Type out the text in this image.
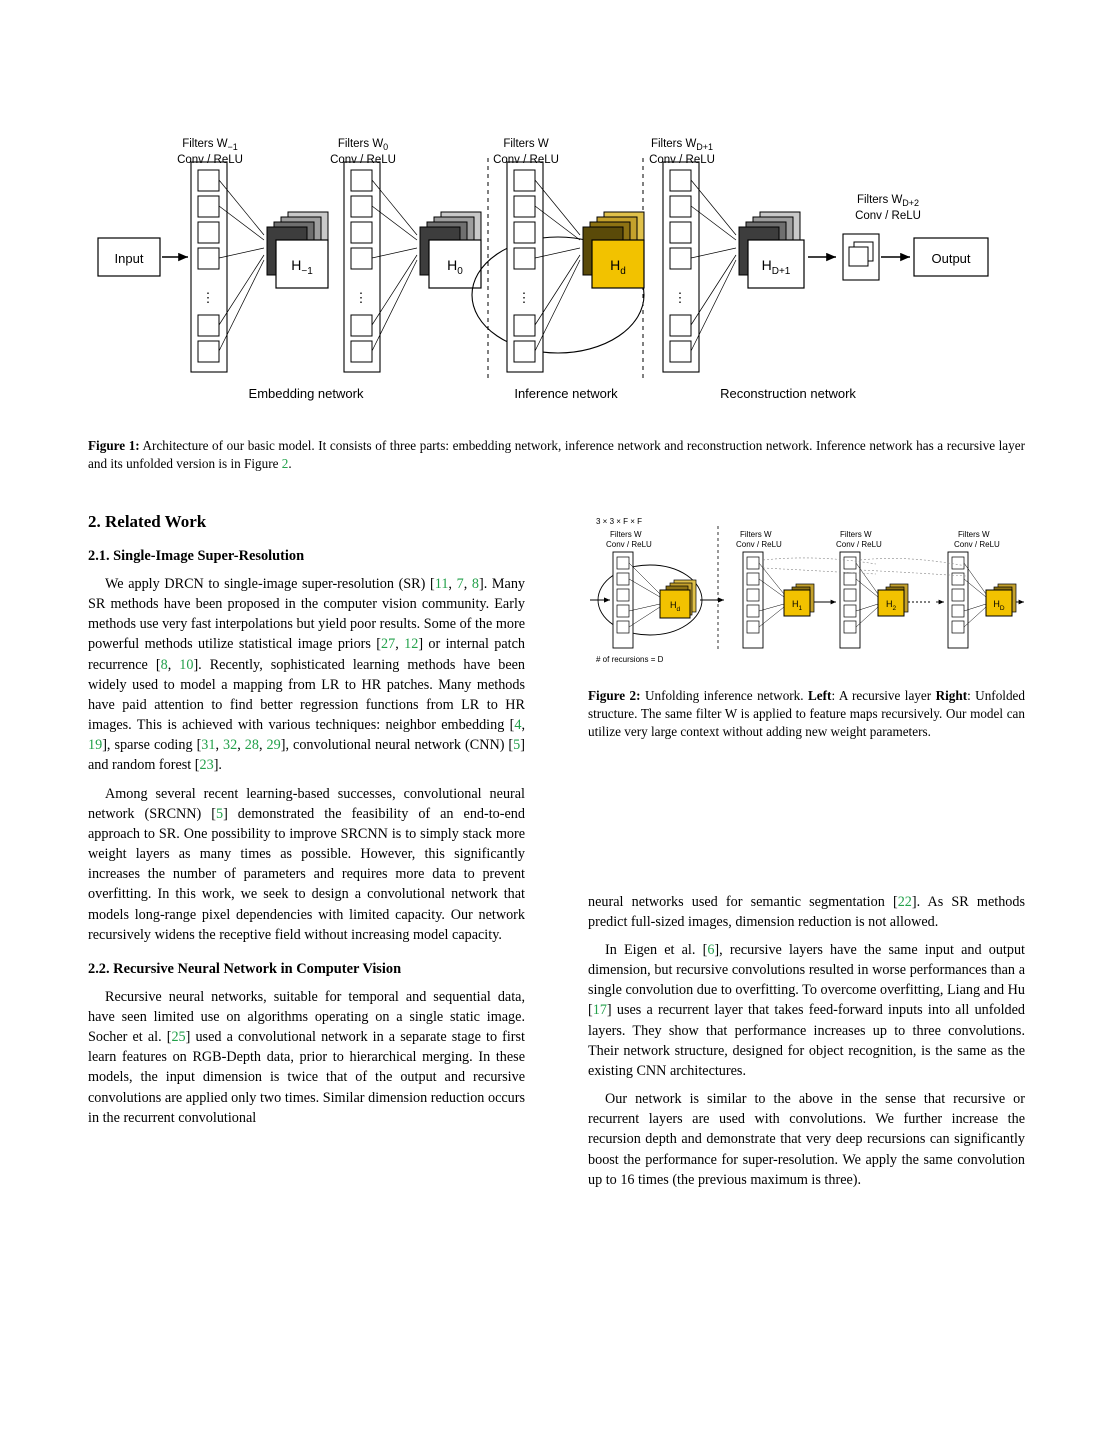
Input
⋮
Filters $W_{-1}$
Conv / ReLU
$H_{-1}$
⋮
Filters $W_0$
Conv / ReLU
$H_0$
⋮
Filters W
Conv / ReLU
$H_d$
⋮
Filters $W_{D+1}$
Conv / ReLU
$H_{D+1}$
Filters $W_{D+2}$
Conv / ReLU
Output
Embedding network	Inference network	Reconstruction network
Figure 1: Architecture of our basic model. It consists of three parts: embedding network, inference network and reconstruction network. Inference network has a recursive layer and its unfolded version is in Figure 2.
2. Related Work
2.1. Single-Image Super-Resolution

We apply DRCN to single-image super-resolution (SR) [11, 7, 8]. Many SR methods have been proposed in the computer vision community. Early methods use very fast interpolations but yield poor results. Some of the more powerful methods utilize statistical image priors [27, 12] or internal patch recurrence [8, 10]. Recently, sophisticated learning methods have been widely used to model a mapping from LR to HR patches. Many methods have paid attention to find better regression functions from LR to HR images. This is achieved with various techniques: neighbor embedding [4, 19], sparse coding [31, 32, 28, 29], convolutional neural network (CNN) [5] and random forest [23].

Among several recent learning-based successes, convolutional neural network (SRCNN) [5] demonstrated the feasibility of an end-to-end approach to SR. One possibility to improve SRCNN is to simply stack more weight layers as many times as possible. However, this significantly increases the number of parameters and requires more data to prevent overfitting. In this work, we seek to design a convolutional network that models long-range pixel dependencies with limited capacity. Our network recursively widens the receptive field without increasing model capacity.

2.2. Recursive Neural Network in Computer Vision

Recursive neural networks, suitable for temporal and sequential data, have seen limited use on algorithms operating on a single static image. Socher et al. [25] used a convolutional network in a separate stage to first learn features on RGB-Depth data, prior to hierarchical merging. In these models, the input dimension is twice that of the output and recursive convolutions are applied only two times. Similar dimension reduction occurs in the recurrent convolutional

3 × 3 × F × F
Filters W
Conv / ReLU
$H_d$
# of recursions = D
Filters W
Conv / ReLU
$H_1$
Filters W
Conv / ReLU
$H_2$
Filters W
Conv / ReLU
$H_D$
Figure 2: Unfolding inference network. Left: A recursive layer Right: Unfolded structure. The same filter W is applied to feature maps recursively. Our model can utilize very large context without adding new weight parameters.

neural networks used for semantic segmentation [22]. As SR methods predict full-sized images, dimension reduction is not allowed.

In Eigen et al. [6], recursive layers have the same input and output dimension, but recursive convolutions resulted in worse performances than a single convolution due to overfitting. To overcome overfitting, Liang and Hu [17] uses a recurrent layer that takes feed-forward inputs into all unfolded layers. They show that performance increases up to three convolutions. Their network structure, designed for object recognition, is the same as the existing CNN architectures.

Our network is similar to the above in the sense that recursive or recurrent layers are used with convolutions. We further increase the recursion depth and demonstrate that very deep recursions can significantly boost the performance for super-resolution. We apply the same convolution up to 16 times (the previous maximum is three).
